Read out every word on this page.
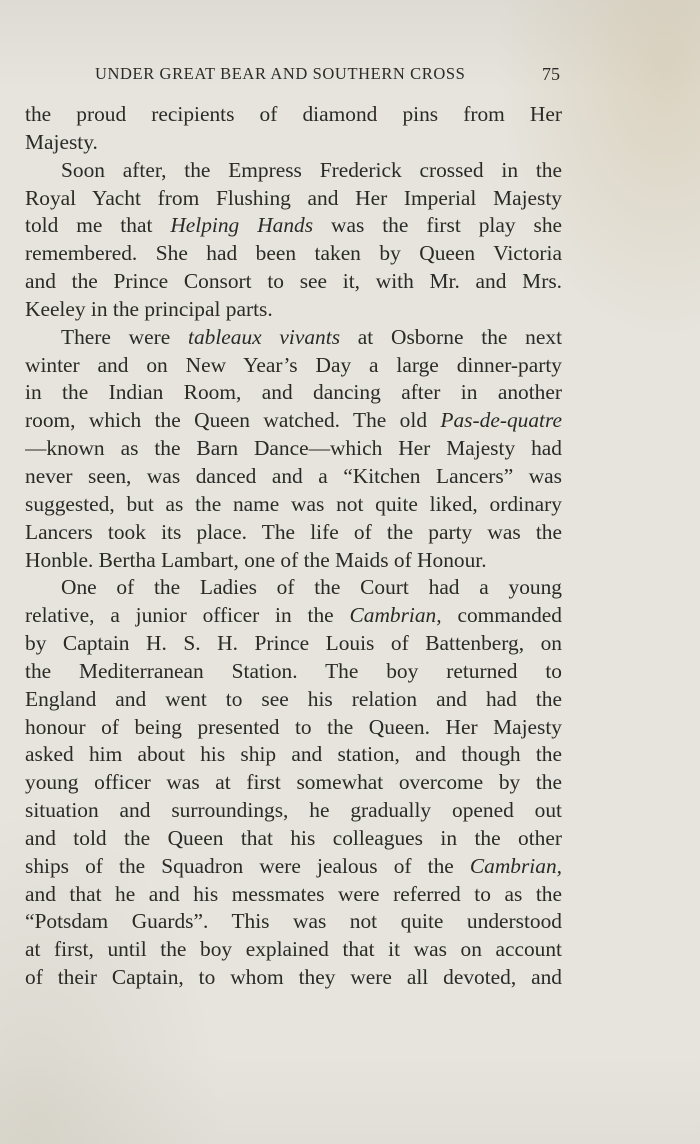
UNDER GREAT BEAR AND SOUTHERN CROSS	75
the proud recipients of diamond pins from Her
Majesty.
Soon after, the Empress Frederick crossed in the
Royal Yacht from Flushing and Her Imperial Majesty
told me that Helping Hands was the first play she
remembered. She had been taken by Queen Victoria
and the Prince Consort to see it, with Mr. and Mrs.
Keeley in the principal parts.
There were tableaux vivants at Osborne the next
winter and on New Year’s Day a large dinner-party
in the Indian Room, and dancing after in another
room, which the Queen watched. The old Pas-de-quatre
—known as the Barn Dance—which Her Majesty had
never seen, was danced and a “Kitchen Lancers” was
suggested, but as the name was not quite liked, ordinary
Lancers took its place. The life of the party was the
Honble. Bertha Lambart, one of the Maids of Honour.
One of the Ladies of the Court had a young
relative, a junior officer in the Cambrian, commanded
by Captain H. S. H. Prince Louis of Battenberg, on
the Mediterranean Station. The boy returned to
England and went to see his relation and had the
honour of being presented to the Queen. Her Majesty
asked him about his ship and station, and though the
young officer was at first somewhat overcome by the
situation and surroundings, he gradually opened out
and told the Queen that his colleagues in the other
ships of the Squadron were jealous of the Cambrian,
and that he and his messmates were referred to as the
“Potsdam Guards”. This was not quite understood
at first, until the boy explained that it was on account
of their Captain, to whom they were all devoted, and
